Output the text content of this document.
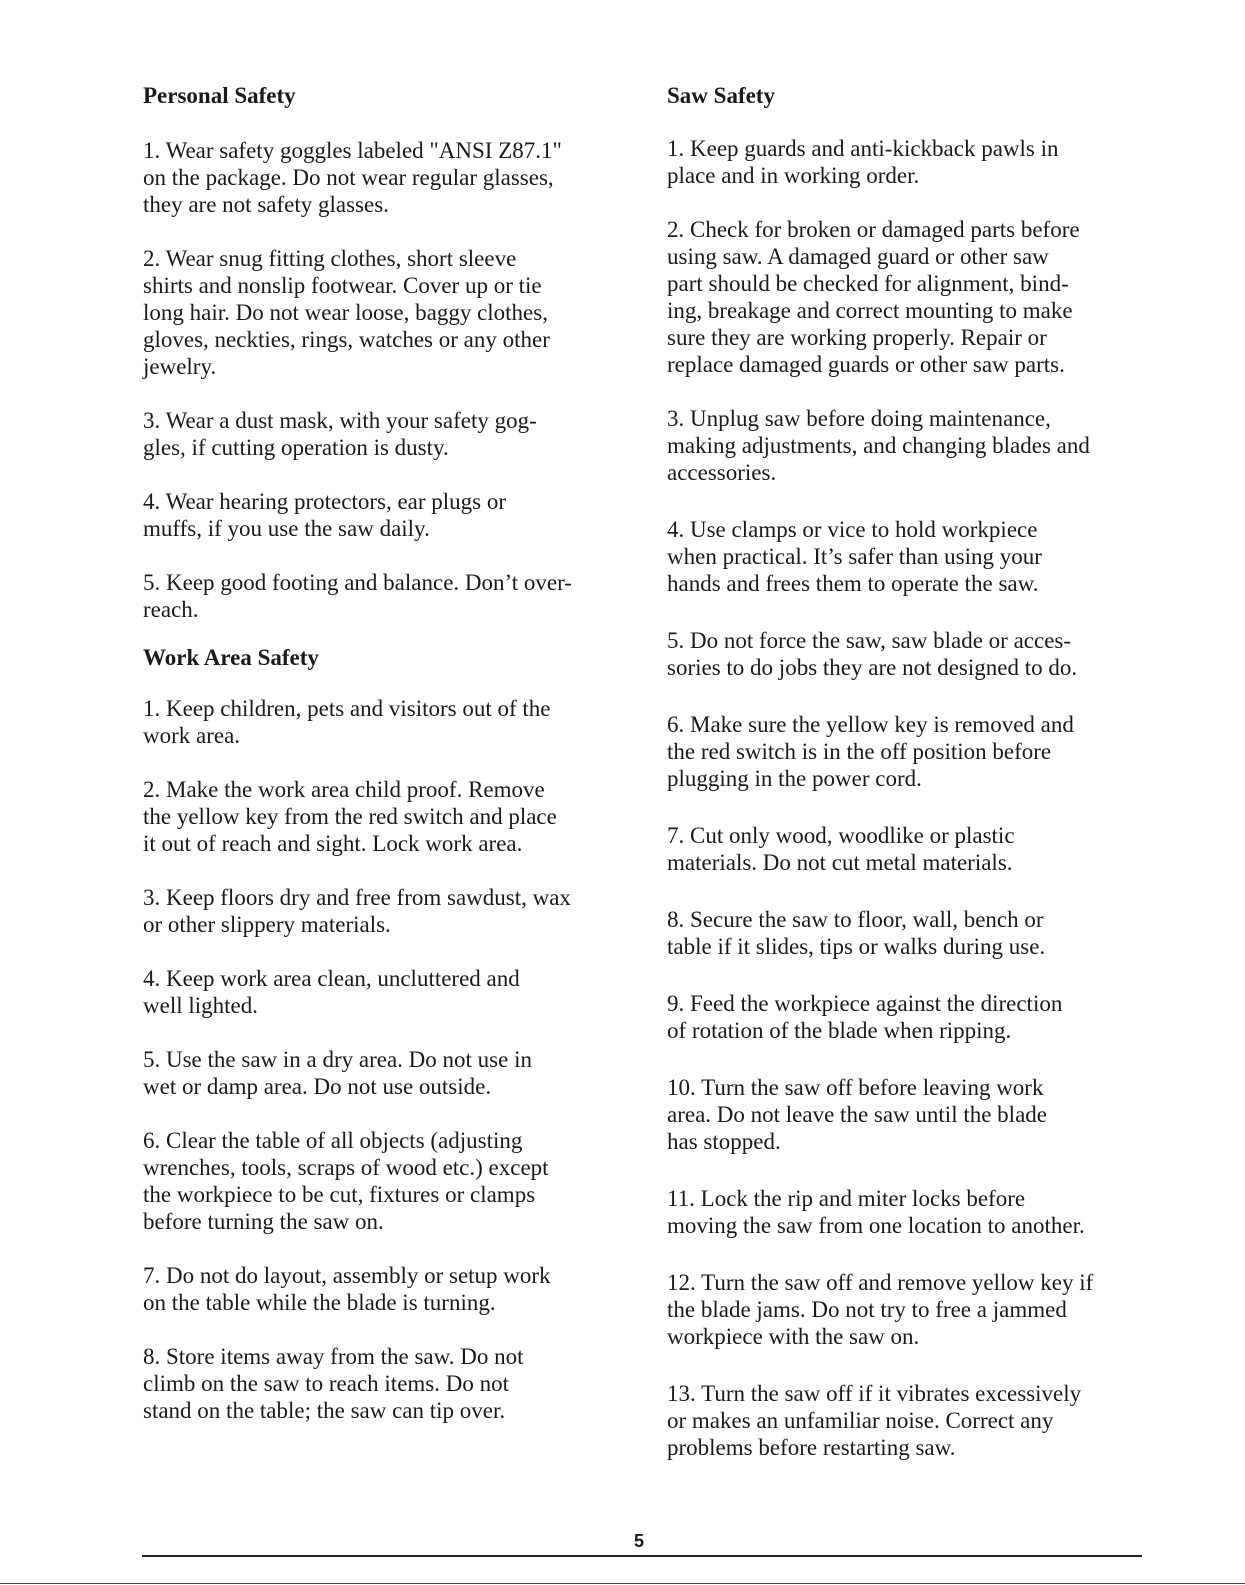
Personal Safety

1. Wear safety goggles labeled "ANSI Z87.1"
on the package. Do not wear regular glasses,
they are not safety glasses.

2. Wear snug fitting clothes, short sleeve
shirts and nonslip footwear. Cover up or tie
long hair. Do not wear loose, baggy clothes,
gloves, neckties, rings, watches or any other
jewelry.

3. Wear a dust mask, with your safety gog-
gles, if cutting operation is dusty.

4. Wear hearing protectors, ear plugs or
muffs, if you use the saw daily.

5. Keep good footing and balance. Don’t over-
reach.

Work Area Safety

1. Keep children, pets and visitors out of the
work area.

2. Make the work area child proof. Remove
the yellow key from the red switch and place
it out of reach and sight. Lock work area.

3. Keep floors dry and free from sawdust, wax
or other slippery materials.

4. Keep work area clean, uncluttered and
well lighted.

5. Use the saw in a dry area. Do not use in
wet or damp area. Do not use outside.

6. Clear the table of all objects (adjusting
wrenches, tools, scraps of wood etc.) except
the workpiece to be cut, fixtures or clamps
before turning the saw on.

7. Do not do layout, assembly or setup work
on the table while the blade is turning.

8. Store items away from the saw. Do not
climb on the saw to reach items. Do not
stand on the table; the saw can tip over.

Saw Safety

1. Keep guards and anti-kickback pawls in
place and in working order.

2. Check for broken or damaged parts before
using saw. A damaged guard or other saw
part should be checked for alignment, bind-
ing, breakage and correct mounting to make
sure they are working properly. Repair or
replace damaged guards or other saw parts.

3. Unplug saw before doing maintenance,
making adjustments, and changing blades and
accessories.

4. Use clamps or vice to hold workpiece
when practical. It’s safer than using your
hands and frees them to operate the saw.

5. Do not force the saw, saw blade or acces-
sories to do jobs they are not designed to do.

6. Make sure the yellow key is removed and
the red switch is in the off position before
plugging in the power cord.

7. Cut only wood, woodlike or plastic
materials. Do not cut metal materials.

8. Secure the saw to floor, wall, bench or
table if it slides, tips or walks during use.

9. Feed the workpiece against the direction
of rotation of the blade when ripping.

10. Turn the saw off before leaving work
area. Do not leave the saw until the blade
has stopped.

11. Lock the rip and miter locks before
moving the saw from one location to another.

12. Turn the saw off and remove yellow key if
the blade jams. Do not try to free a jammed
workpiece with the saw on.

13. Turn the saw off if it vibrates excessively
or makes an unfamiliar noise. Correct any
problems before restarting saw.

5
